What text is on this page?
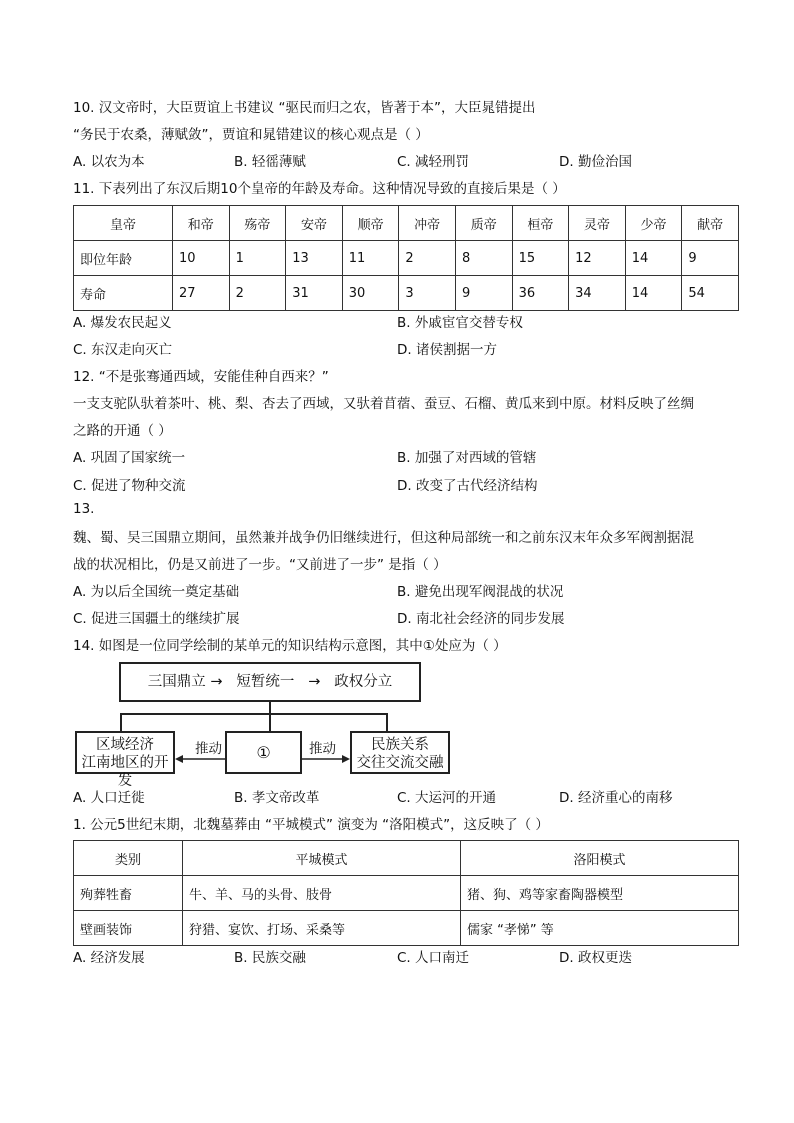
10. 汉文帝时，大臣贾谊上书建议 “驱民而归之农，皆著于本”，大臣晁错提出
“务民于农桑，薄赋敛”，贾谊和晁错建议的核心观点是（ ）
A. 以农为本	B. 轻徭薄赋	C. 减轻刑罚	D. 勤俭治国
11. 下表列出了东汉后期10个皇帝的年龄及寿命。这种情况导致的直接后果是（ ）
皇帝	和帝	殇帝	安帝	顺帝	冲帝	质帝	桓帝	灵帝	少帝	献帝
即位年龄	10	1	13	11	2	8	15	12	14	9
寿命	27	2	31	30	3	9	36	34	14	54
A. 爆发农民起义	B. 外戚宦官交替专权
C. 东汉走向灭亡	D. 诸侯割据一方
12. “不是张骞通西域，安能佳种自西来？”
一支支驼队驮着茶叶、桃、梨、杏去了西域，又驮着苜蓿、蚕豆、石榴、黄瓜来到中原。材料反映了丝绸
之路的开通（ ）
A. 巩固了国家统一	B. 加强了对西域的管辖
C. 促进了物种交流	D. 改变了古代经济结构
13.
魏、蜀、吴三国鼎立期间，虽然兼并战争仍旧继续进行，但这种局部统一和之前东汉末年众多军阀割据混
战的状况相比，仍是又前进了一步。“又前进了一步” 是指（ ）
A. 为以后全国统一奠定基础	B. 避免出现军阀混战的状况
C. 促进三国疆土的继续扩展	D. 南北社会经济的同步发展
14. 如图是一位同学绘制的某单元的知识结构示意图，其中①处应为（ ）
三国鼎立 → 短暂统一 → 政权分立
区域经济
江南地区的开发
①	民族关系
交往交流交融
推动	推动
A. 人口迁徙	B. 孝文帝改革	C. 大运河的开通	D. 经济重心的南移
1. 公元5世纪末期，北魏墓葬由 “平城模式” 演变为 “洛阳模式”，这反映了（ ）
类别	平城模式	洛阳模式
殉葬牲畜	牛、羊、马的头骨、肢骨	猪、狗、鸡等家畜陶器模型
壁画装饰	狩猎、宴饮、打场、采桑等	儒家 “孝悌” 等
A. 经济发展	B. 民族交融	C. 人口南迁	D. 政权更迭
